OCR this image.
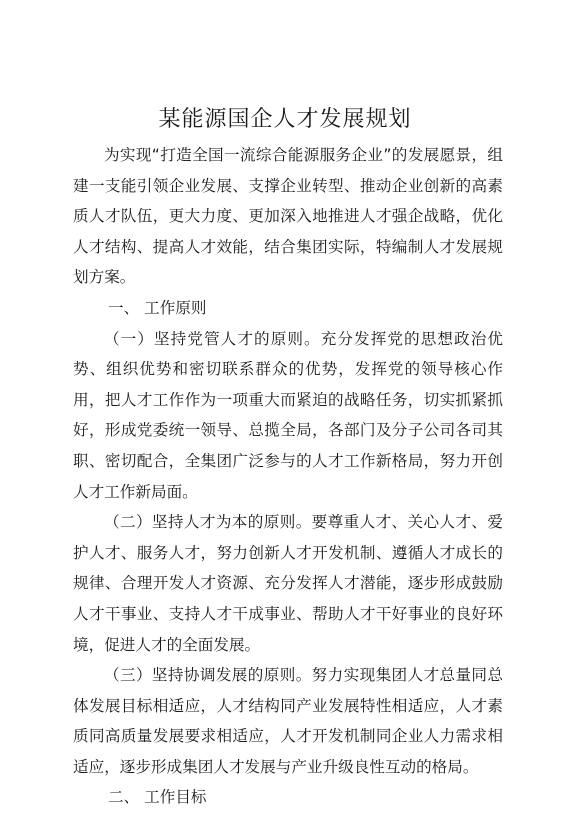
某能源国企人才发展规划

为实现“打造全国一流综合能源服务企业”的发展愿景，组建一支能引领企业发展、支撑企业转型、推动企业创新的高素质人才队伍，更大力度、更加深入地推进人才强企战略，优化人才结构、提高人才效能，结合集团实际，特编制人才发展规划方案。

一、 工作原则

（一）坚持党管人才的原则。充分发挥党的思想政治优势、组织优势和密切联系群众的优势，发挥党的领导核心作用，把人才工作作为一项重大而紧迫的战略任务，切实抓紧抓好，形成党委统一领导、总揽全局，各部门及分子公司各司其职、密切配合，全集团广泛参与的人才工作新格局，努力开创人才工作新局面。

（二）坚持人才为本的原则。要尊重人才、关心人才、爱护人才、服务人才，努力创新人才开发机制、遵循人才成长的规律、合理开发人才资源、充分发挥人才潜能，逐步形成鼓励人才干事业、支持人才干成事业、帮助人才干好事业的良好环境，促进人才的全面发展。

（三）坚持协调发展的原则。努力实现集团人才总量同总体发展目标相适应，人才结构同产业发展特性相适应，人才素质同高质量发展要求相适应，人才开发机制同企业人力需求相适应，逐步形成集团人才发展与产业升级良性互动的格局。

二、 工作目标
